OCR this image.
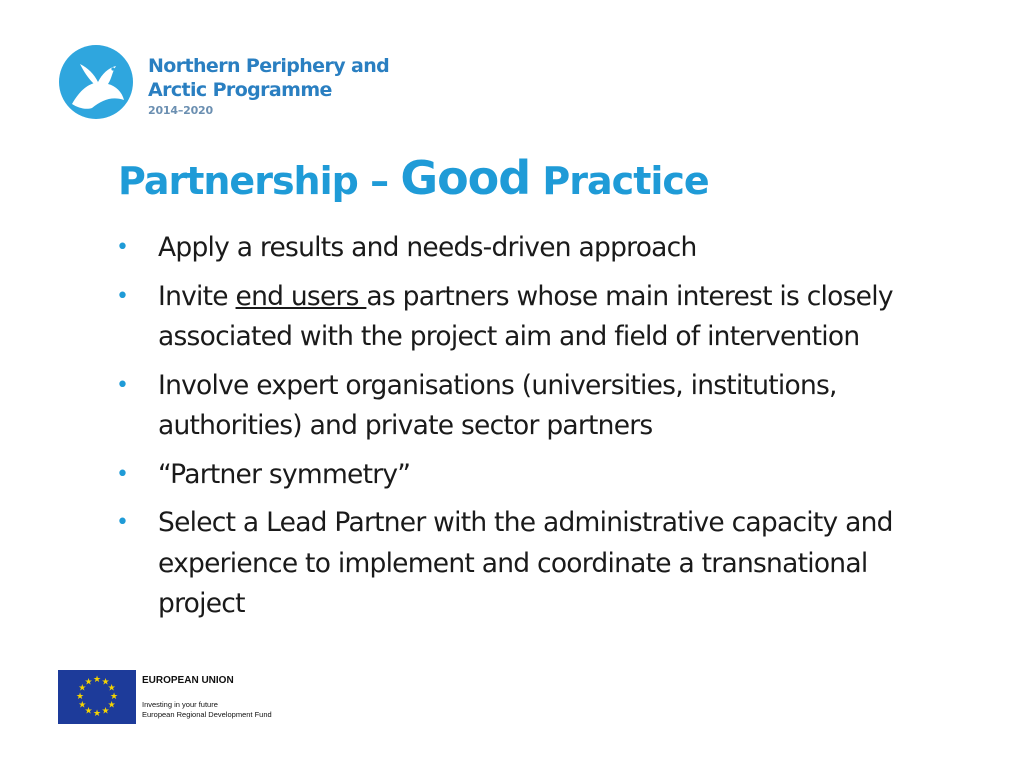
Northern Periphery and
Arctic Programme
2014–2020
Partnership – Good Practice
• Apply a results and needs-driven approach
• Invite end users as partners whose main interest is closely associated with the project aim and field of intervention
• Involve expert organisations (universities, institutions, authorities) and private sector partners
• “Partner symmetry”
• Select a Lead Partner with the administrative capacity and experience to implement and coordinate a transnational project
★ ★
★
★
★
★
★
★
★
★
★
★	EUROPEAN UNION
Investing in your future
European Regional Development Fund
